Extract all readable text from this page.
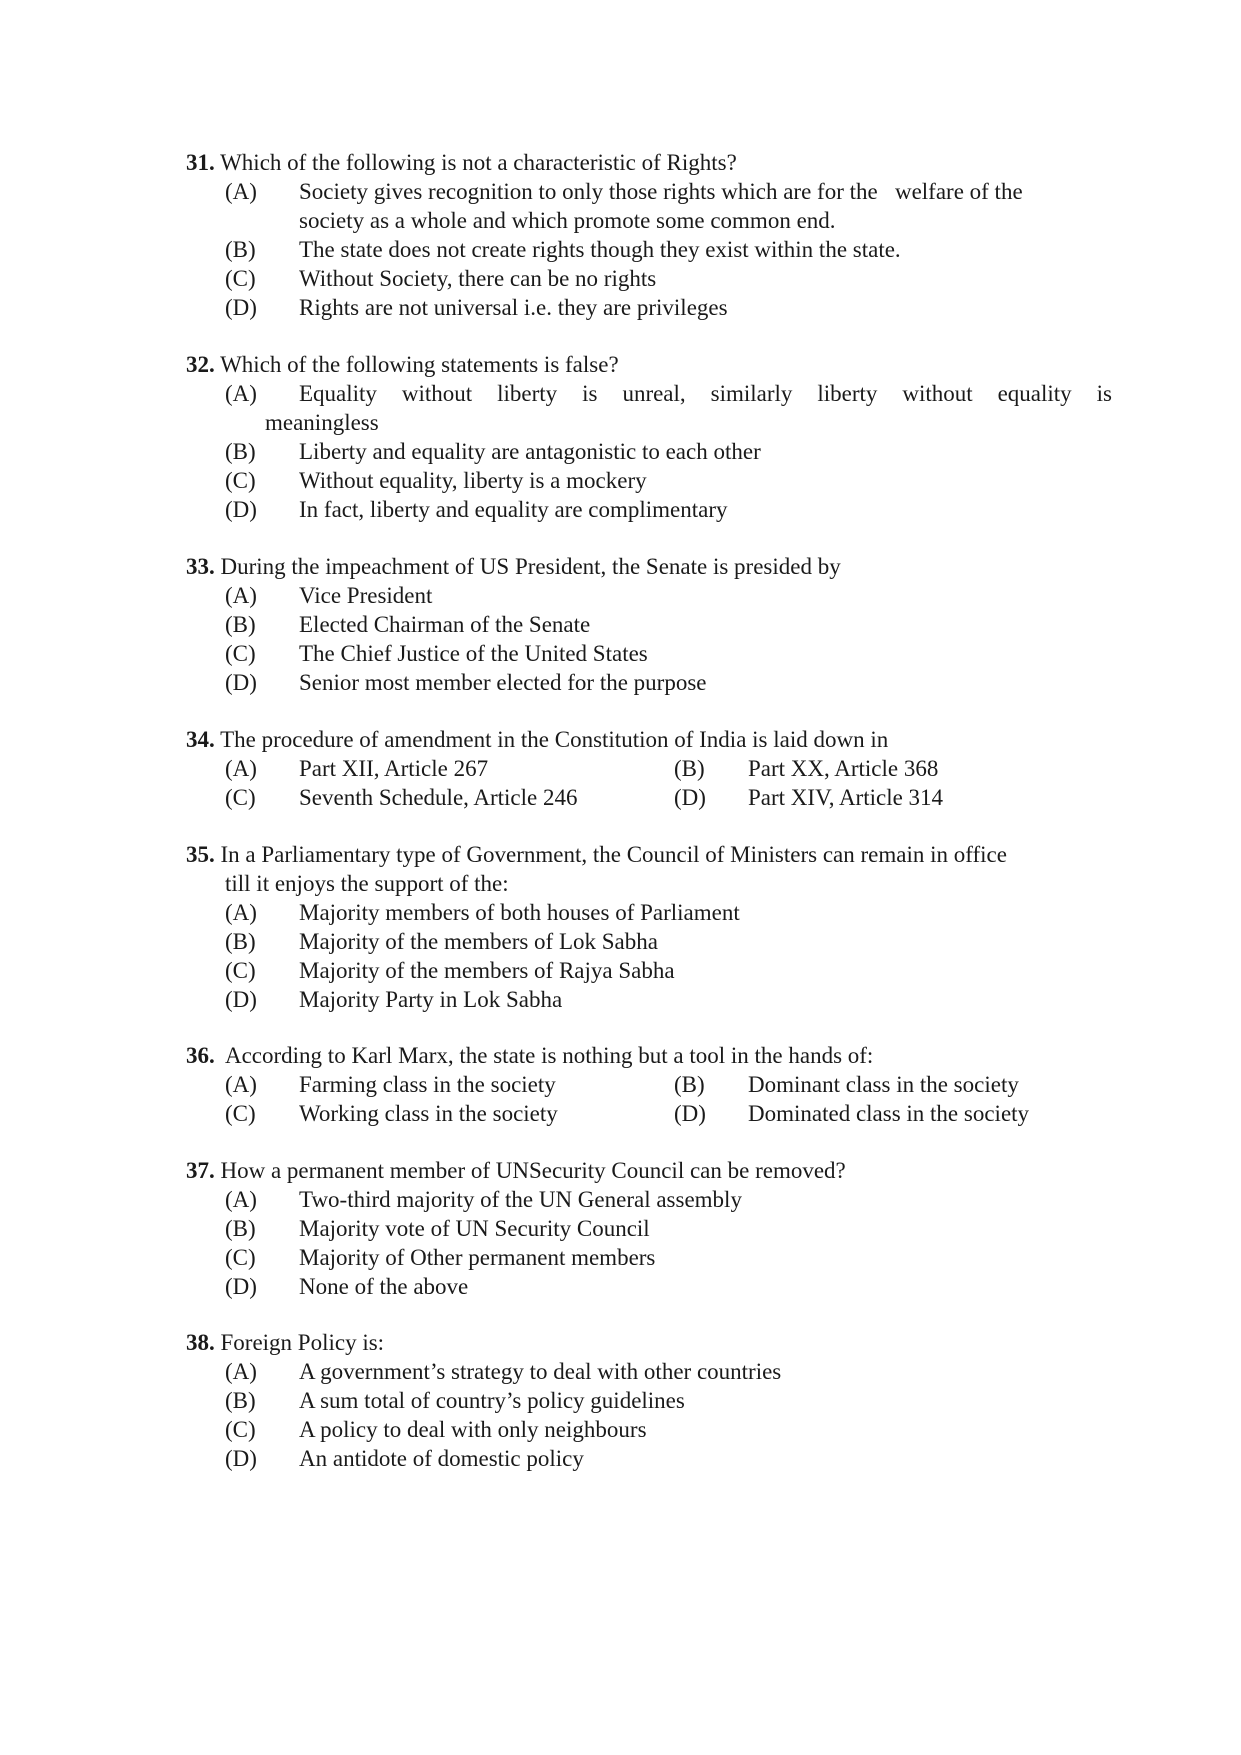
31. Which of the following is not a characteristic of Rights?
(A) Society gives recognition to only those rights which are for the   welfare of the
society as a whole and which promote some common end.
(B) The state does not create rights though they exist within the state.
(C) Without Society, there can be no rights
(D) Rights are not universal i.e. they are privileges
32. Which of the following statements is false?
(A) Equality without liberty is unreal, similarly liberty without equality is
meaningless
(B) Liberty and equality are antagonistic to each other
(C) Without equality, liberty is a mockery
(D) In fact, liberty and equality are complimentary
33. During the impeachment of US President, the Senate is presided by
(A) Vice President
(B) Elected Chairman of the Senate
(C) The Chief Justice of the United States
(D) Senior most member elected for the purpose
34. The procedure of amendment in the Constitution of India is laid down in
(A) Part XII, Article 267	(B) Part XX, Article 368
(C) Seventh Schedule, Article 246	(D) Part XIV, Article 314
35. In a Parliamentary type of Government, the Council of Ministers can remain in office
till it enjoys the support of the:
(A) Majority members of both houses of Parliament
(B) Majority of the members of Lok Sabha
(C) Majority of the members of Rajya Sabha
(D) Majority Party in Lok Sabha
36.  According to Karl Marx, the state is nothing but a tool in the hands of:
(A) Farming class in the society	(B) Dominant class in the society
(C) Working class in the society	(D) Dominated class in the society
37. How a permanent member of UNSecurity Council can be removed?
(A) Two-third majority of the UN General assembly
(B) Majority vote of UN Security Council
(C) Majority of Other permanent members
(D) None of the above
38. Foreign Policy is:
(A) A government’s strategy to deal with other countries
(B) A sum total of country’s policy guidelines
(C) A policy to deal with only neighbours
(D) An antidote of domestic policy
